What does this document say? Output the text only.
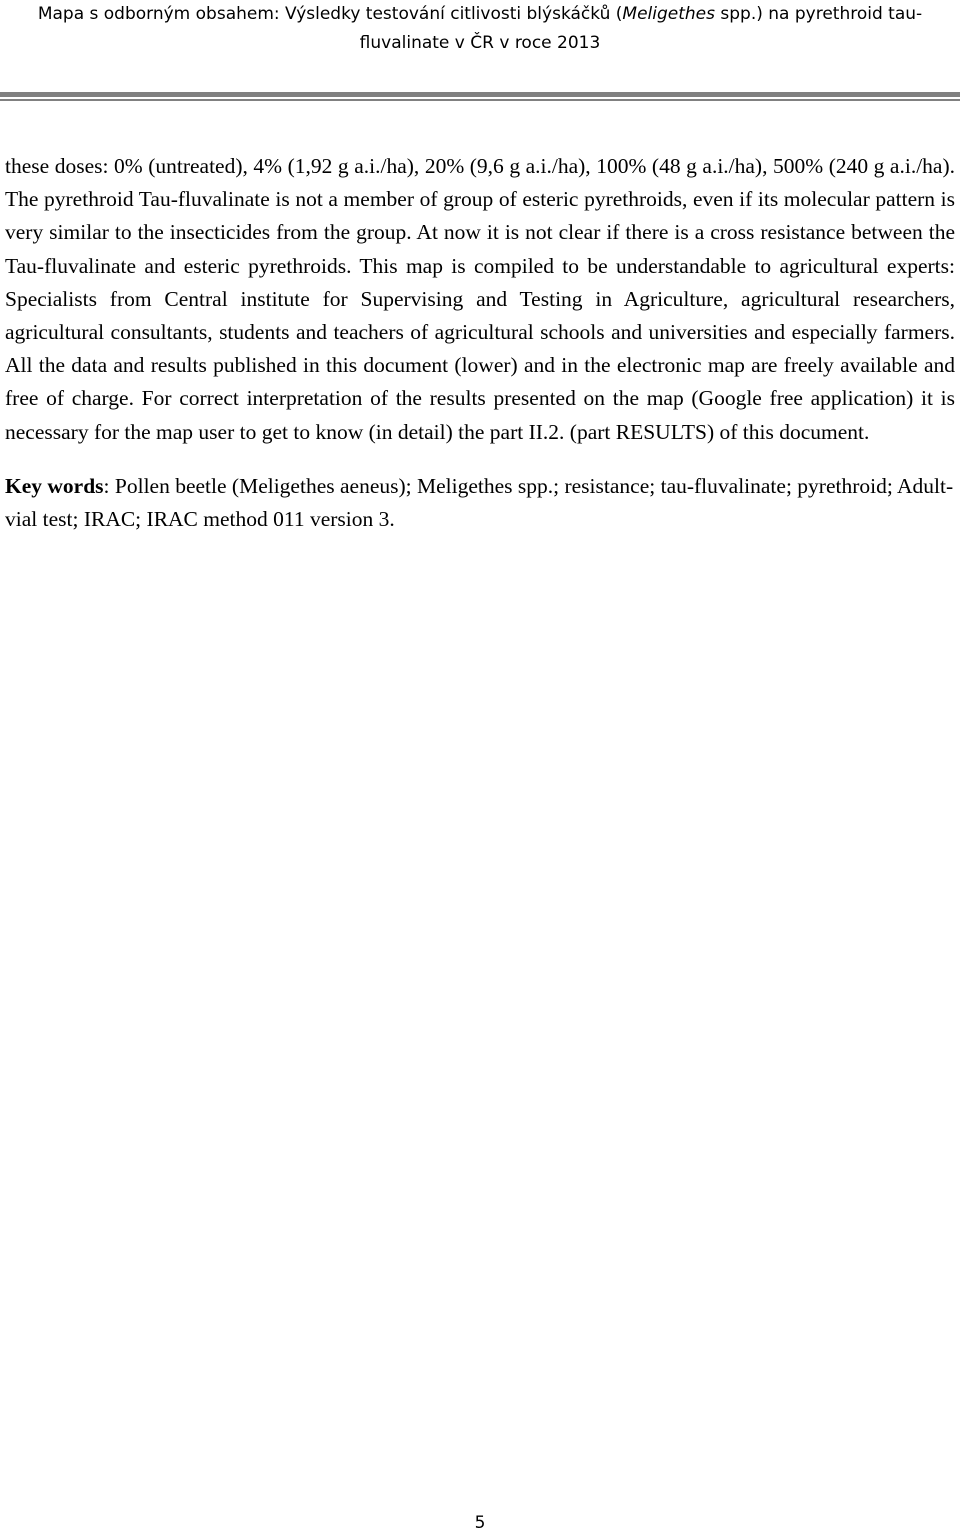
Mapa s odborným obsahem: Výsledky testování citlivosti blýskáčků (Meligethes spp.) na pyrethroid tau-
fluvalinate v ČR v roce 2013

these doses: 0% (untreated), 4% (1,92 g a.i./ha), 20% (9,6 g a.i./ha), 100% (48 g a.i./ha), 500% (240 g a.i./ha). The pyrethroid Tau-fluvalinate is not a member of group of esteric pyrethroids, even if its molecular pattern is very similar to the insecticides from the group. At now it is not clear if there is a cross resistance between the Tau-fluvalinate and esteric pyrethroids. This map is compiled to be understandable to agricultural experts: Specialists from Central institute for Supervising and Testing in Agriculture, agricultural researchers, agricultural consultants, students and teachers of agricultural schools and universities and especially farmers. All the data and results published in this document (lower) and in the electronic map are freely available and free of charge. For correct interpretation of the results presented on the map (Google free application) it is necessary for the map user to get to know (in detail) the part II.2. (part RESULTS) of this document.

Key words: Pollen beetle (Meligethes aeneus); Meligethes spp.; resistance; tau-fluvalinate; pyrethroid; Adult-vial test; IRAC; IRAC method 011 version 3.

5
